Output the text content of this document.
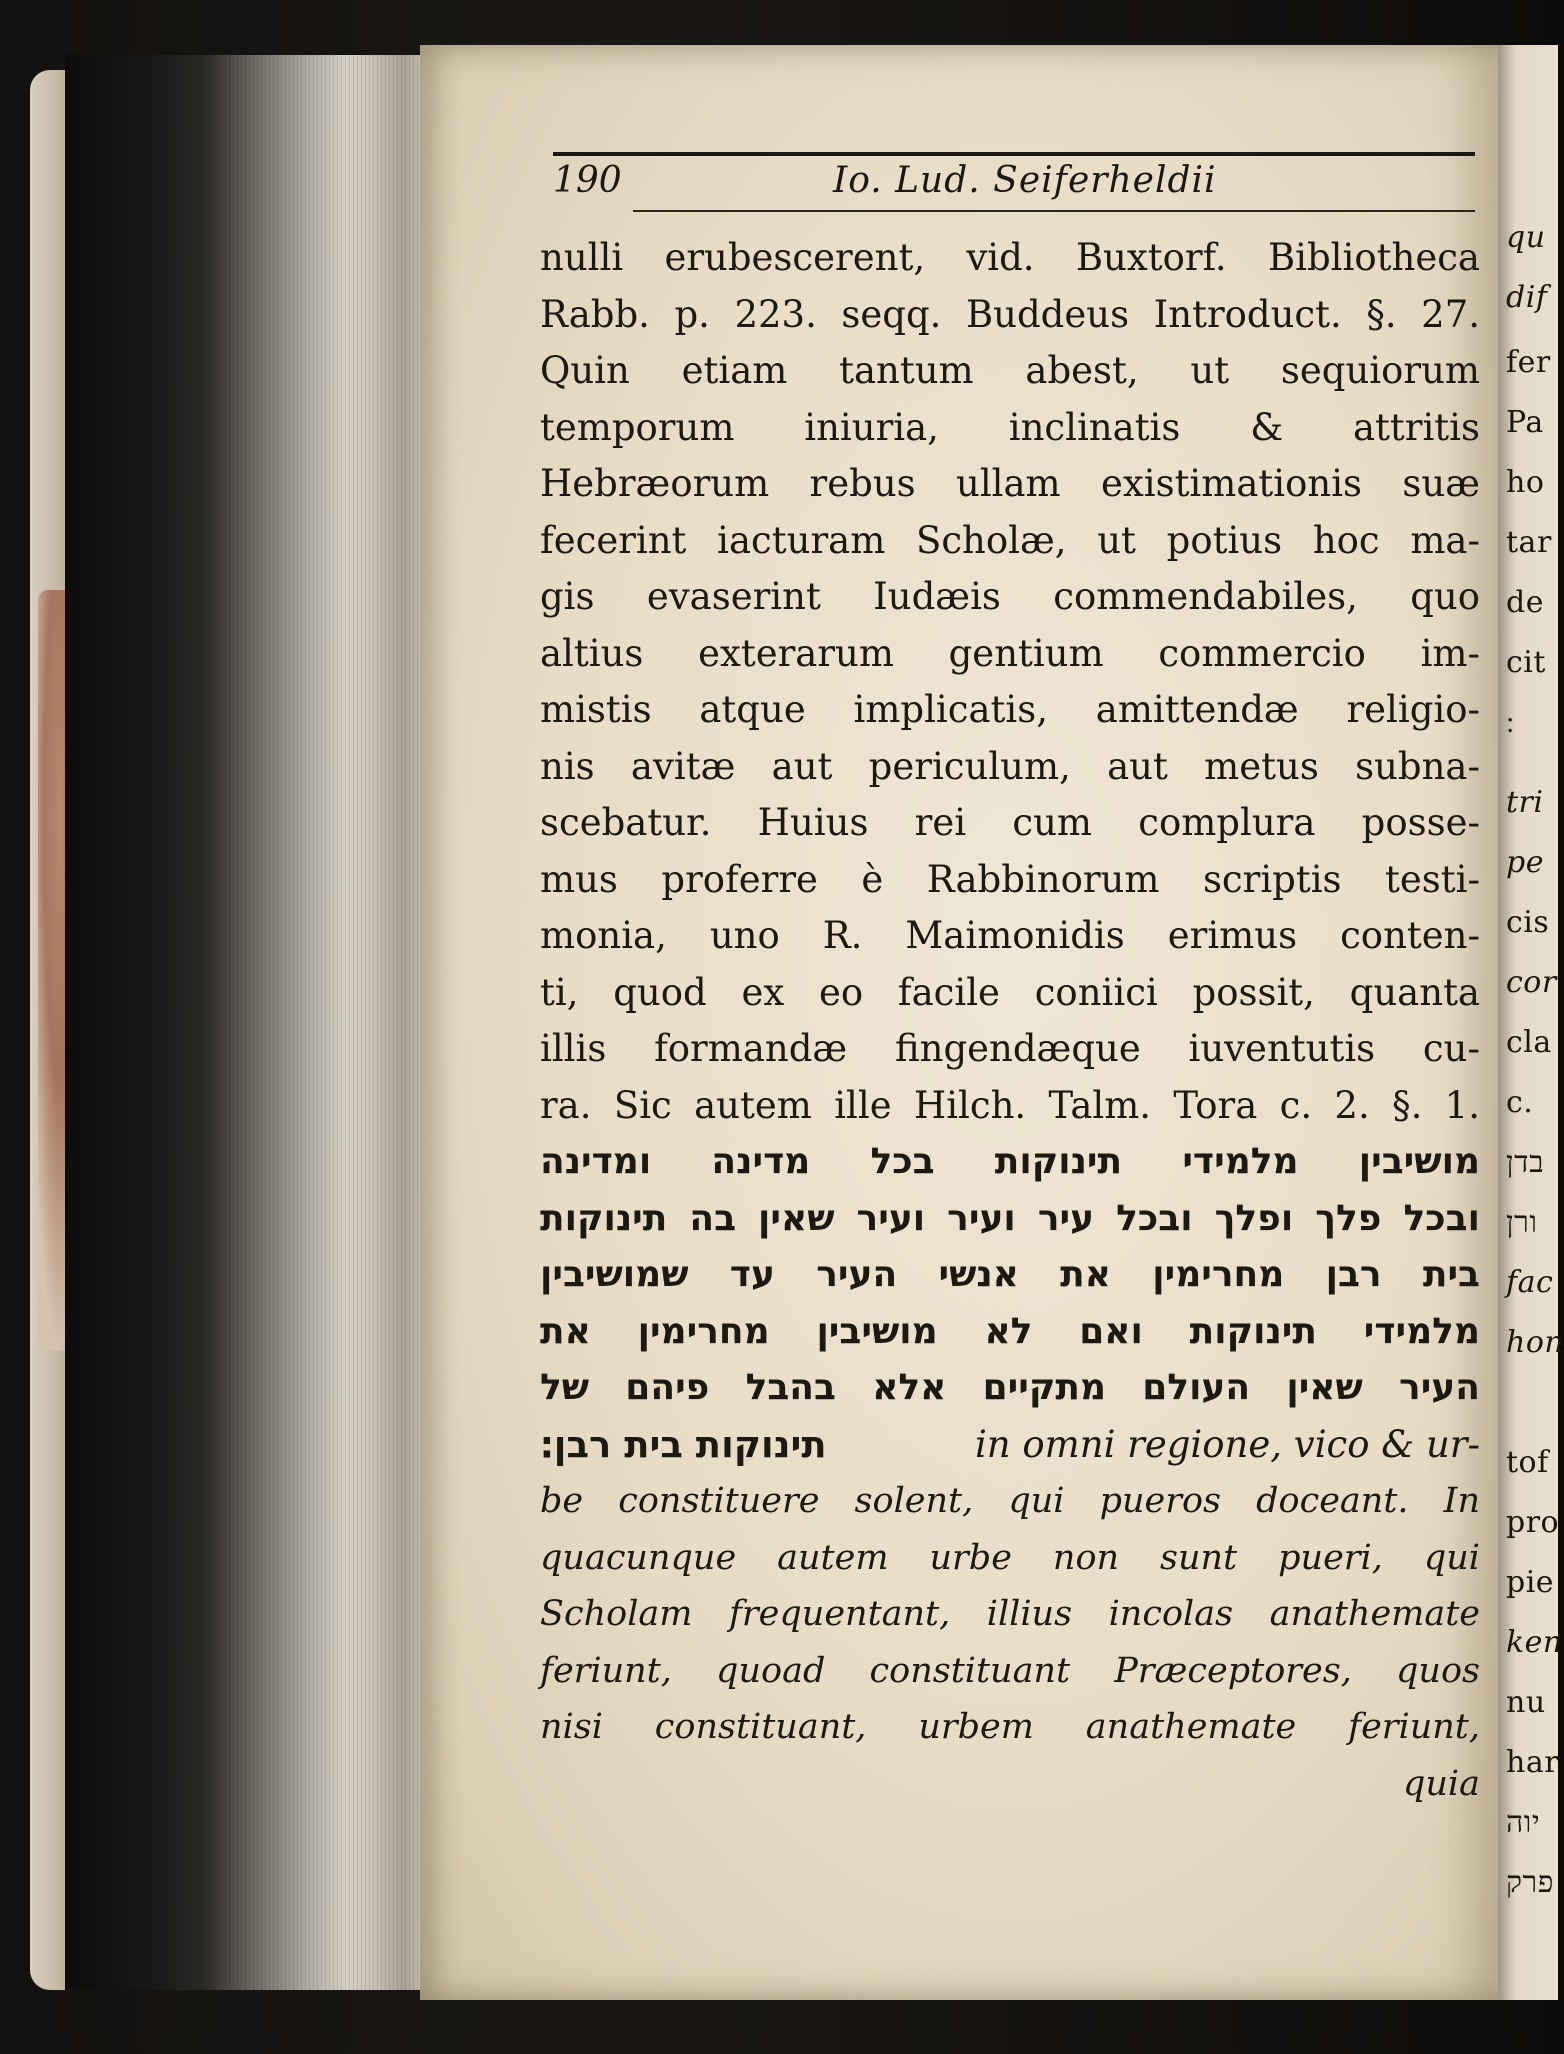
qu
dif
fer
Pa
ho
tar
de
cit
׃
tri
pe
cis
cor
cla
c.
בדן
ורן
fac
hon
tof
pro
pie
ken
nu
har
יוה
פרק
190	Io. Lud. Seiferheldii
nulli erubescerent, vid. Buxtorf. Bibliotheca
Rabb. p. 223. seqq. Buddeus Introduct. §. 27.
Quin etiam tantum abest, ut sequiorum
temporum iniuria, inclinatis & attritis
Hebræorum rebus ullam existimationis suæ
fecerint iacturam Scholæ, ut potius hoc ma-
gis evaserint Iudæis commendabiles, quo
altius exterarum gentium commercio im-
mistis atque implicatis, amittendæ religio-
nis avitæ aut periculum, aut metus subna-
scebatur. Huius rei cum complura posse-
mus proferre è Rabbinorum scriptis testi-
monia, uno R. Maimonidis erimus conten-
ti, quod ex eo facile coniici possit, quanta
illis formandæ fingendæque iuventutis cu-
ra. Sic autem ille Hilch. Talm. Tora c. 2. §. 1.
מושיבין מלמידי תינוקות בכל מדינה ומדינה
ובכל פלך ופלך ובכל עיר ועיר ועיר שאין בה תינוקות
בית רבן מחרימין את אנשי העיר עד שמושיבין
מלמידי תינוקות ואם לא מושיבין מחרימין את
העיר שאין העולם מתקיים אלא בהבל פיהם של
תינוקות בית רבן׃	in omni regione, vico & ur-
be constituere solent, qui pueros doceant. In
quacunque autem urbe non sunt pueri, qui
Scholam frequentant, illius incolas anathemate
feriunt, quoad constituant Præceptores, quos
nisi constituant, urbem anathemate feriunt,
quia
